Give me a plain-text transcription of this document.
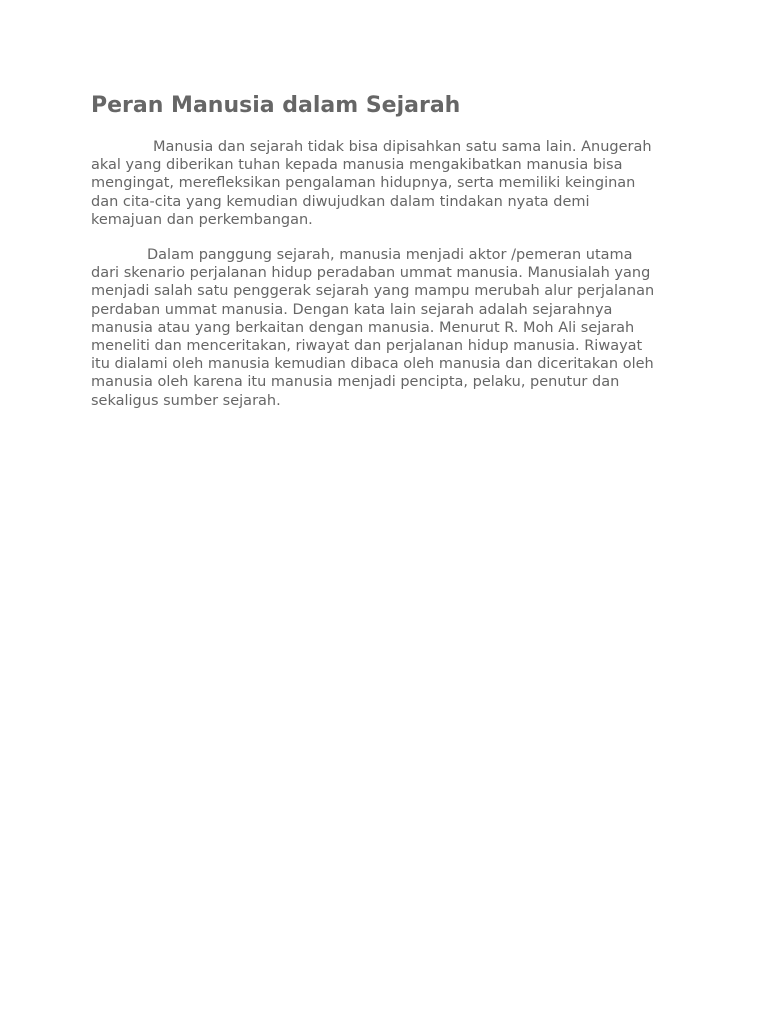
Peran Manusia dalam Sejarah
Manusia dan sejarah tidak bisa dipisahkan satu sama lain. Anugerah
akal yang diberikan tuhan kepada manusia mengakibatkan manusia bisa
mengingat, merefleksikan pengalaman hidupnya, serta memiliki keinginan
dan cita-cita yang kemudian diwujudkan dalam tindakan nyata demi
kemajuan dan perkembangan.
Dalam panggung sejarah, manusia menjadi aktor /pemeran utama
dari skenario perjalanan hidup peradaban ummat manusia. Manusialah yang
menjadi salah satu penggerak sejarah yang mampu merubah alur perjalanan
perdaban ummat manusia. Dengan kata lain sejarah adalah sejarahnya
manusia atau yang berkaitan dengan manusia. Menurut R. Moh Ali sejarah
meneliti dan menceritakan, riwayat dan perjalanan hidup manusia. Riwayat
itu dialami oleh manusia kemudian dibaca oleh manusia dan diceritakan oleh
manusia oleh karena itu manusia menjadi pencipta, pelaku, penutur dan
sekaligus sumber sejarah.
